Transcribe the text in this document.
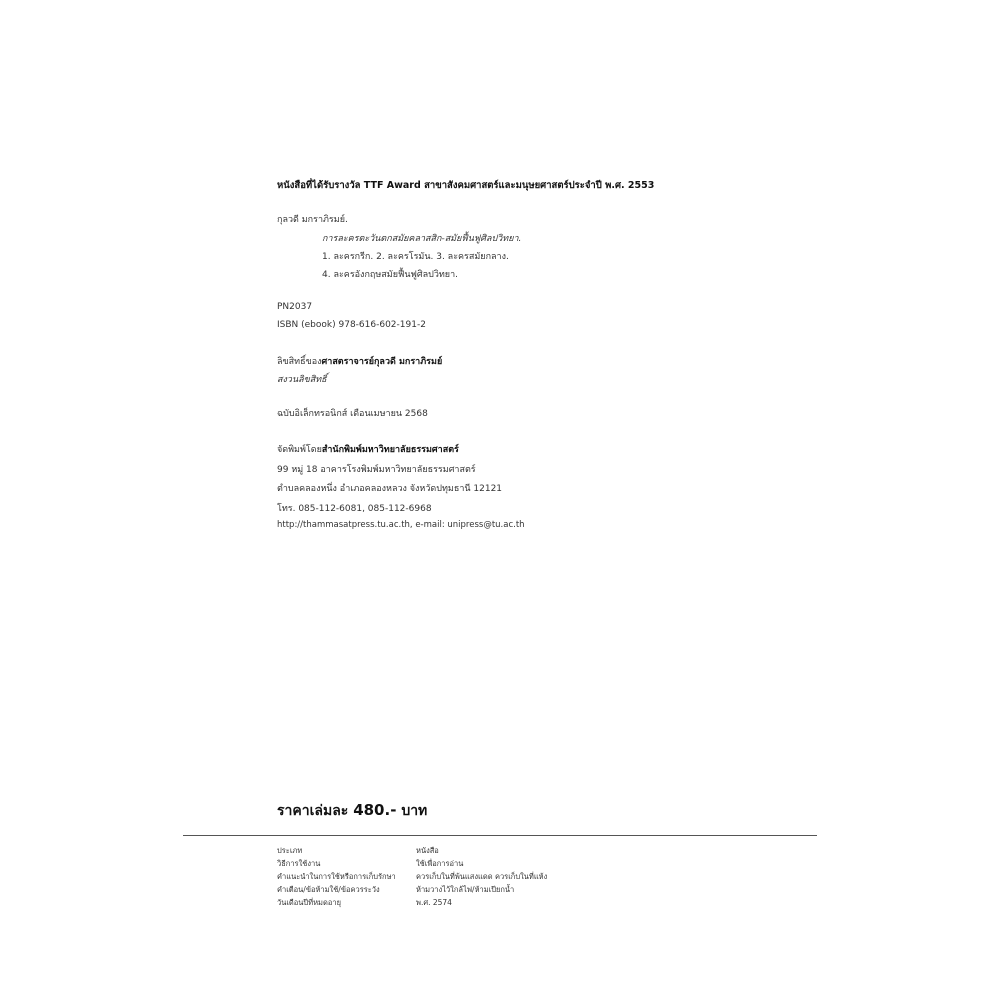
หนังสือที่ได้รับรางวัล TTF Award สาขาสังคมศาสตร์และมนุษยศาสตร์ประจำปี พ.ศ. 2553
กุลวดี มกราภิรมย์.
การละครตะวันตกสมัยคลาสสิก-สมัยฟื้นฟูศิลปวิทยา.
1. ละครกรีก. 2. ละครโรมัน. 3. ละครสมัยกลาง.
4. ละครอังกฤษสมัยฟื้นฟูศิลปวิทยา.
PN2037
ISBN (ebook) 978-616-602-191-2
ลิขสิทธิ์ของศาสตราจารย์กุลวดี มกราภิรมย์
สงวนลิขสิทธิ์
ฉบับอิเล็กทรอนิกส์ เดือนเมษายน 2568
จัดพิมพ์โดยสำนักพิมพ์มหาวิทยาลัยธรรมศาสตร์
99 หมู่ 18 อาคารโรงพิมพ์มหาวิทยาลัยธรรมศาสตร์
ตำบลคลองหนึ่ง อำเภอคลองหลวง จังหวัดปทุมธานี 12121
โทร. 085-112-6081, 085-112-6968
http://thammasatpress.tu.ac.th, e-mail: unipress@tu.ac.th
ราคาเล่มละ 480.- บาท
ประเภท	หนังสือ
วิธีการใช้งาน	ใช้เพื่อการอ่าน
คำแนะนำในการใช้หรือการเก็บรักษา	ควรเก็บในที่พ้นแสงแดด ควรเก็บในที่แห้ง
คำเตือน/ข้อห้ามใช้/ข้อควรระวัง	ห้ามวางไว้ใกล้ไฟ/ห้ามเปียกน้ำ
วันเดือนปีที่หมดอายุ	พ.ศ. 2574
